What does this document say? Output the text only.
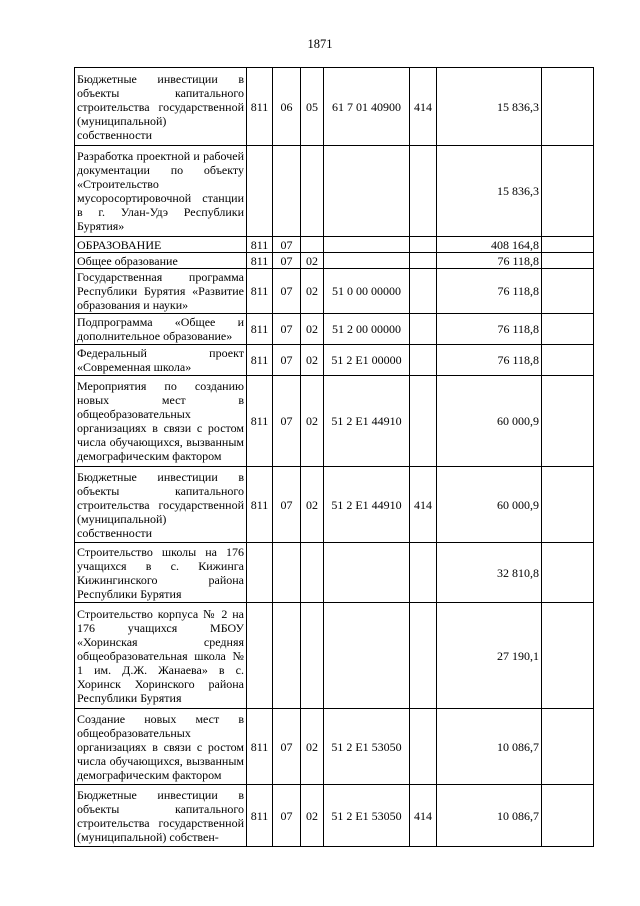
1871
Бюджетные инвестиции в объекты капитального строительства государственной (муниципальной) собственности	811	06	05	61 7 01 40900	414	15 836,3	
Разработка проектной и рабочей документации по объекту «Строительство мусоросортировочной станции в г. Улан-Удэ Республики Бурятия»						15 836,3	
ОБРАЗОВАНИЕ	811	07				408 164,8	
Общее образование	811	07	02			76 118,8	
Государственная программа Республики Бурятия «Развитие образования и науки»	811	07	02	51 0 00 00000		76 118,8	
Подпрограмма «Общее и дополнительное образование»	811	07	02	51 2 00 00000		76 118,8	
Федеральный проект «Современная школа»	811	07	02	51 2 E1 00000		76 118,8	
Мероприятия по созданию новых мест в общеобразовательных организациях в связи с ростом числа обучающихся, вызванным демографическим фактором	811	07	02	51 2 E1 44910		60 000,9	
Бюджетные инвестиции в объекты капитального строительства государственной (муниципальной) собственности	811	07	02	51 2 E1 44910	414	60 000,9	
Строительство школы на 176 учащихся в с. Кижинга Кижингинского района Республики Бурятия						32 810,8	
Строительство корпуса № 2 на 176 учащихся МБОУ «Хоринская средняя общеобразовательная школа № 1 им. Д.Ж. Жанаева» в с. Хоринск Хоринского района Республики Бурятия						27 190,1	
Создание новых мест в общеобразовательных организациях в связи с ростом числа обучающихся, вызванным демографическим фактором	811	07	02	51 2 E1 53050		10 086,7	
Бюджетные инвестиции в объекты капитального строительства государственной (муниципальной) собствен-	811	07	02	51 2 E1 53050	414	10 086,7	
